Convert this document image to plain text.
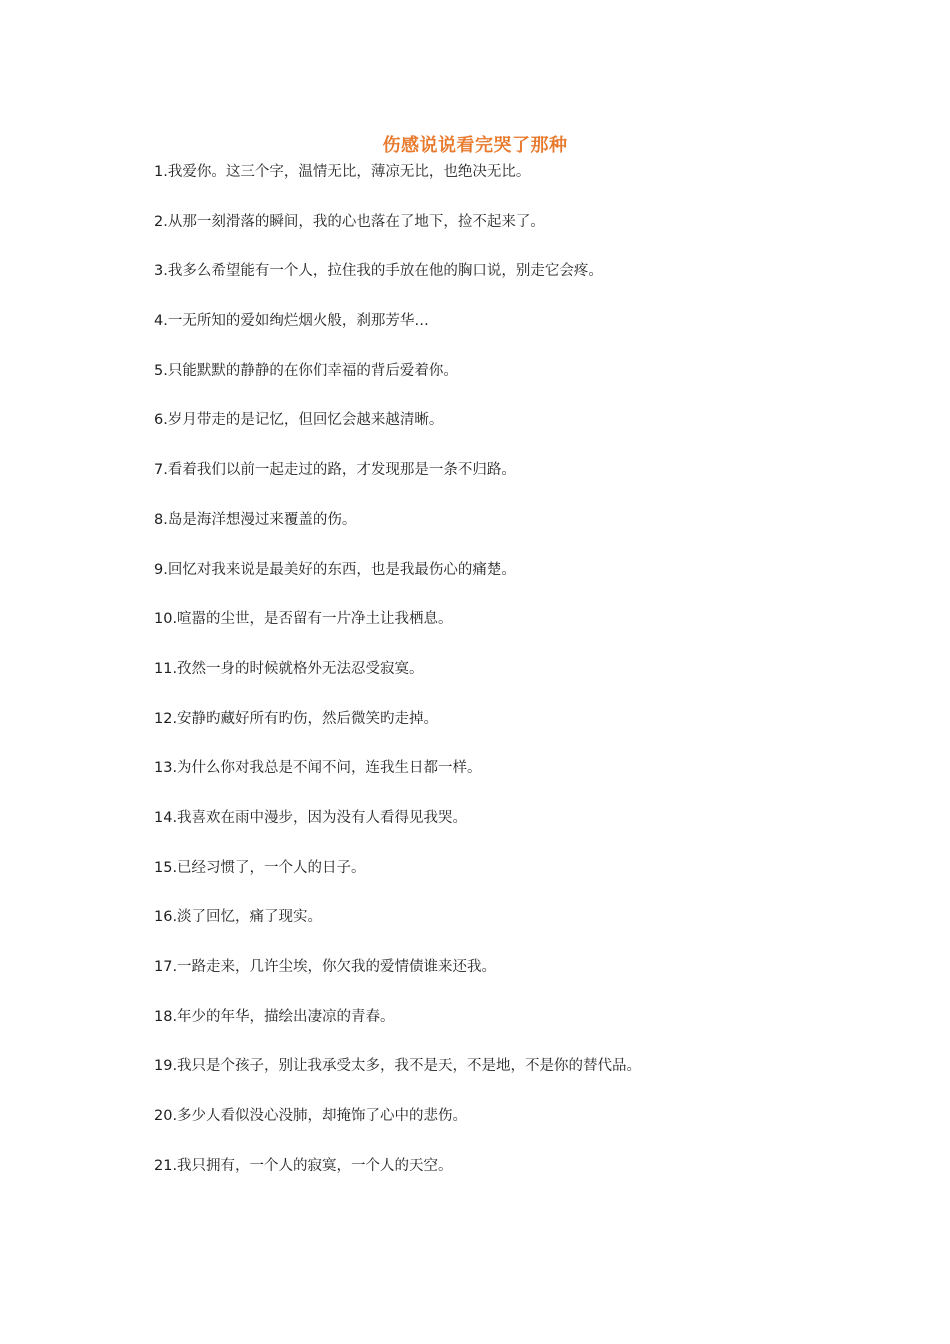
伤感说说看完哭了那种
1.我爱你。这三个字，温情无比，薄凉无比，也绝决无比。
2.从那一刻滑落的瞬间，我的心也落在了地下，捡不起来了。
3.我多么希望能有一个人，拉住我的手放在他的胸口说，别走它会疼。
4.一无所知的爱如绚烂烟火般，刹那芳华…
5.只能默默的静静的在你们幸福的背后爱着你。
6.岁月带走的是记忆，但回忆会越来越清晰。
7.看着我们以前一起走过的路，才发现那是一条不归路。
8.岛是海洋想漫过来覆盖的伤。
9.回忆对我来说是最美好的东西，也是我最伤心的痛楚。
10.喧嚣的尘世，是否留有一片净土让我栖息。
11.孜然一身的时候就格外无法忍受寂寞。
12.安静旳藏好所有旳伤，然后微笑旳走掉。
13.为什么你对我总是不闻不问，连我生日都一样。
14.我喜欢在雨中漫步，因为没有人看得见我哭。
15.已经习惯了，一个人的日子。
16.淡了回忆，痛了现实。
17.一路走来，几许尘埃，你欠我的爱情债谁来还我。
18.年少的年华，描绘出凄凉的青春。
19.我只是个孩子，别让我承受太多，我不是天，不是地，不是你的替代品。
20.多少人看似没心没肺，却掩饰了心中的悲伤。
21.我只拥有，一个人的寂寞，一个人的天空。
